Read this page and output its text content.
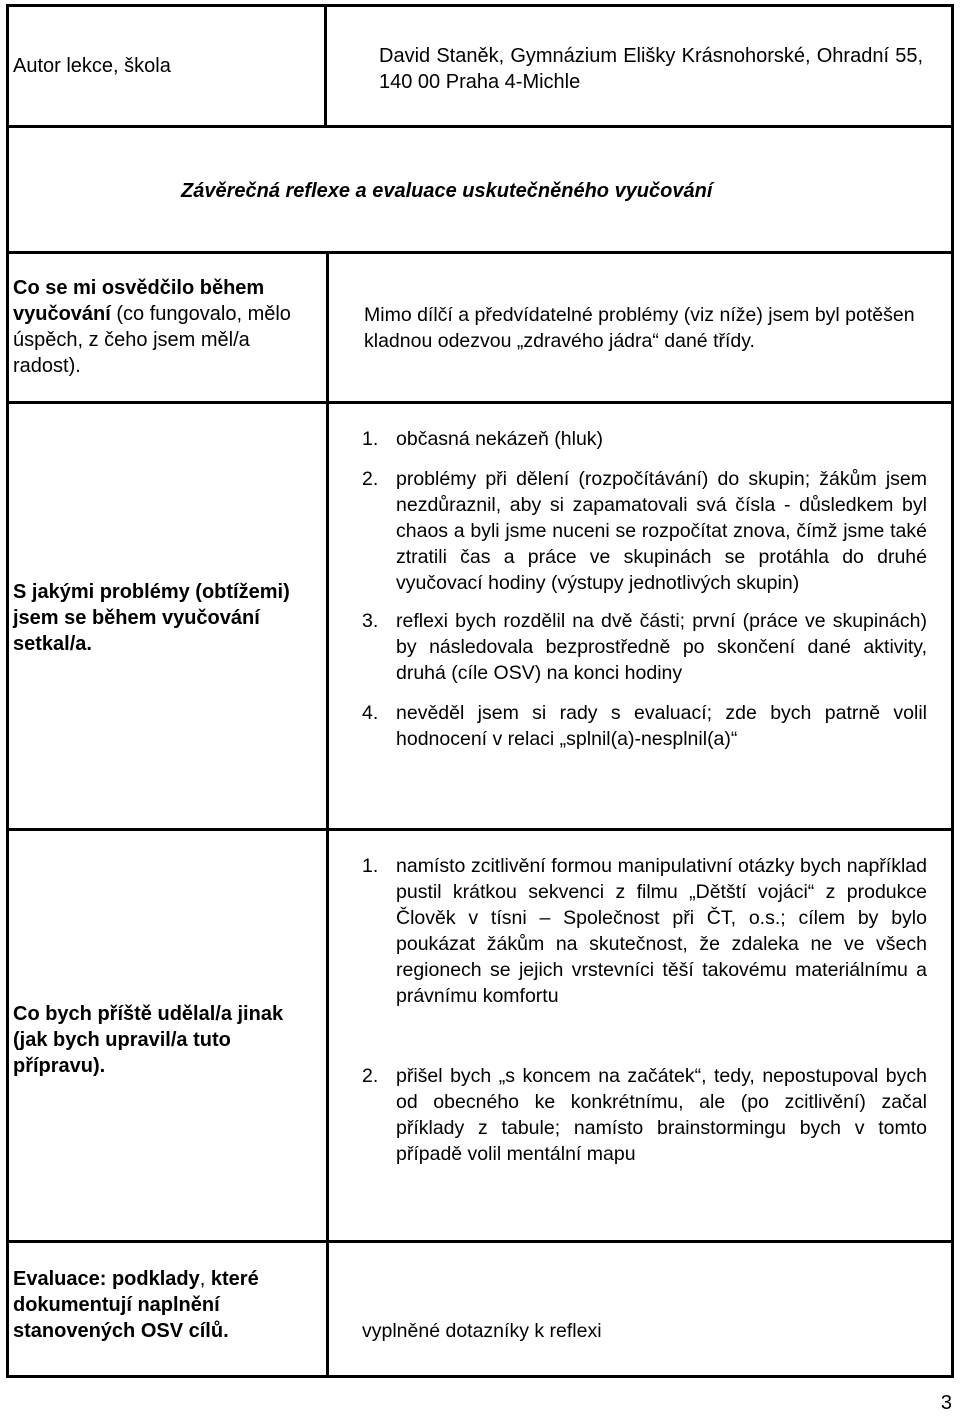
Autor lekce, škola	David Staněk, Gymnázium Elišky Krásnohorské, Ohradní 55, 140 00 Praha 4-Michle
Závěrečná reflexe a evaluace uskutečněného vyučování
Co se mi osvědčilo během vyučování (co fungovalo, mělo úspěch, z čeho jsem měl/a radost).
Mimo dílčí a předvídatelné problémy (viz níže) jsem byl potěšen kladnou odezvou „zdravého jádra“ dané třídy.
S jakými problémy (obtížemi) jsem se během vyučování setkal/a.
1. občasná nekázeň (hluk)
2. problémy při dělení (rozpočítávání) do skupin; žákům jsem nezdůraznil, aby si zapamatovali svá čísla - důsledkem byl chaos a byli jsme nuceni se rozpočítat znova, čímž jsme také ztratili čas a práce ve skupinách se protáhla do druhé vyučovací hodiny (výstupy jednotlivých skupin)
3. reflexi bych rozdělil na dvě části; první (práce ve skupinách) by následovala bezprostředně po skončení dané aktivity, druhá (cíle OSV) na konci hodiny
4. nevěděl jsem si rady s evaluací; zde bych patrně volil hodnocení v relaci „splnil(a)-nesplnil(a)“
Co bych příště udělal/a jinak (jak bych upravil/a tuto přípravu).
1. namísto zcitlivění formou manipulativní otázky bych například pustil krátkou sekvenci z filmu „Dětští vojáci“ z produkce Člověk v tísni – Společnost při ČT, o.s.; cílem by bylo poukázat žákům na skutečnost, že zdaleka ne ve všech regionech se jejich vrstevníci těší takovému materiálnímu a právnímu komfortu
2. přišel bych „s koncem na začátek“, tedy, nepostupoval bych od obecného ke konkrétnímu, ale (po zcitlivění) začal příklady z tabule; namísto brainstormingu bych v tomto případě volil mentální mapu
Evaluace: podklady, které dokumentují naplnění stanovených OSV cílů.	vyplněné dotazníky k reflexi
3
